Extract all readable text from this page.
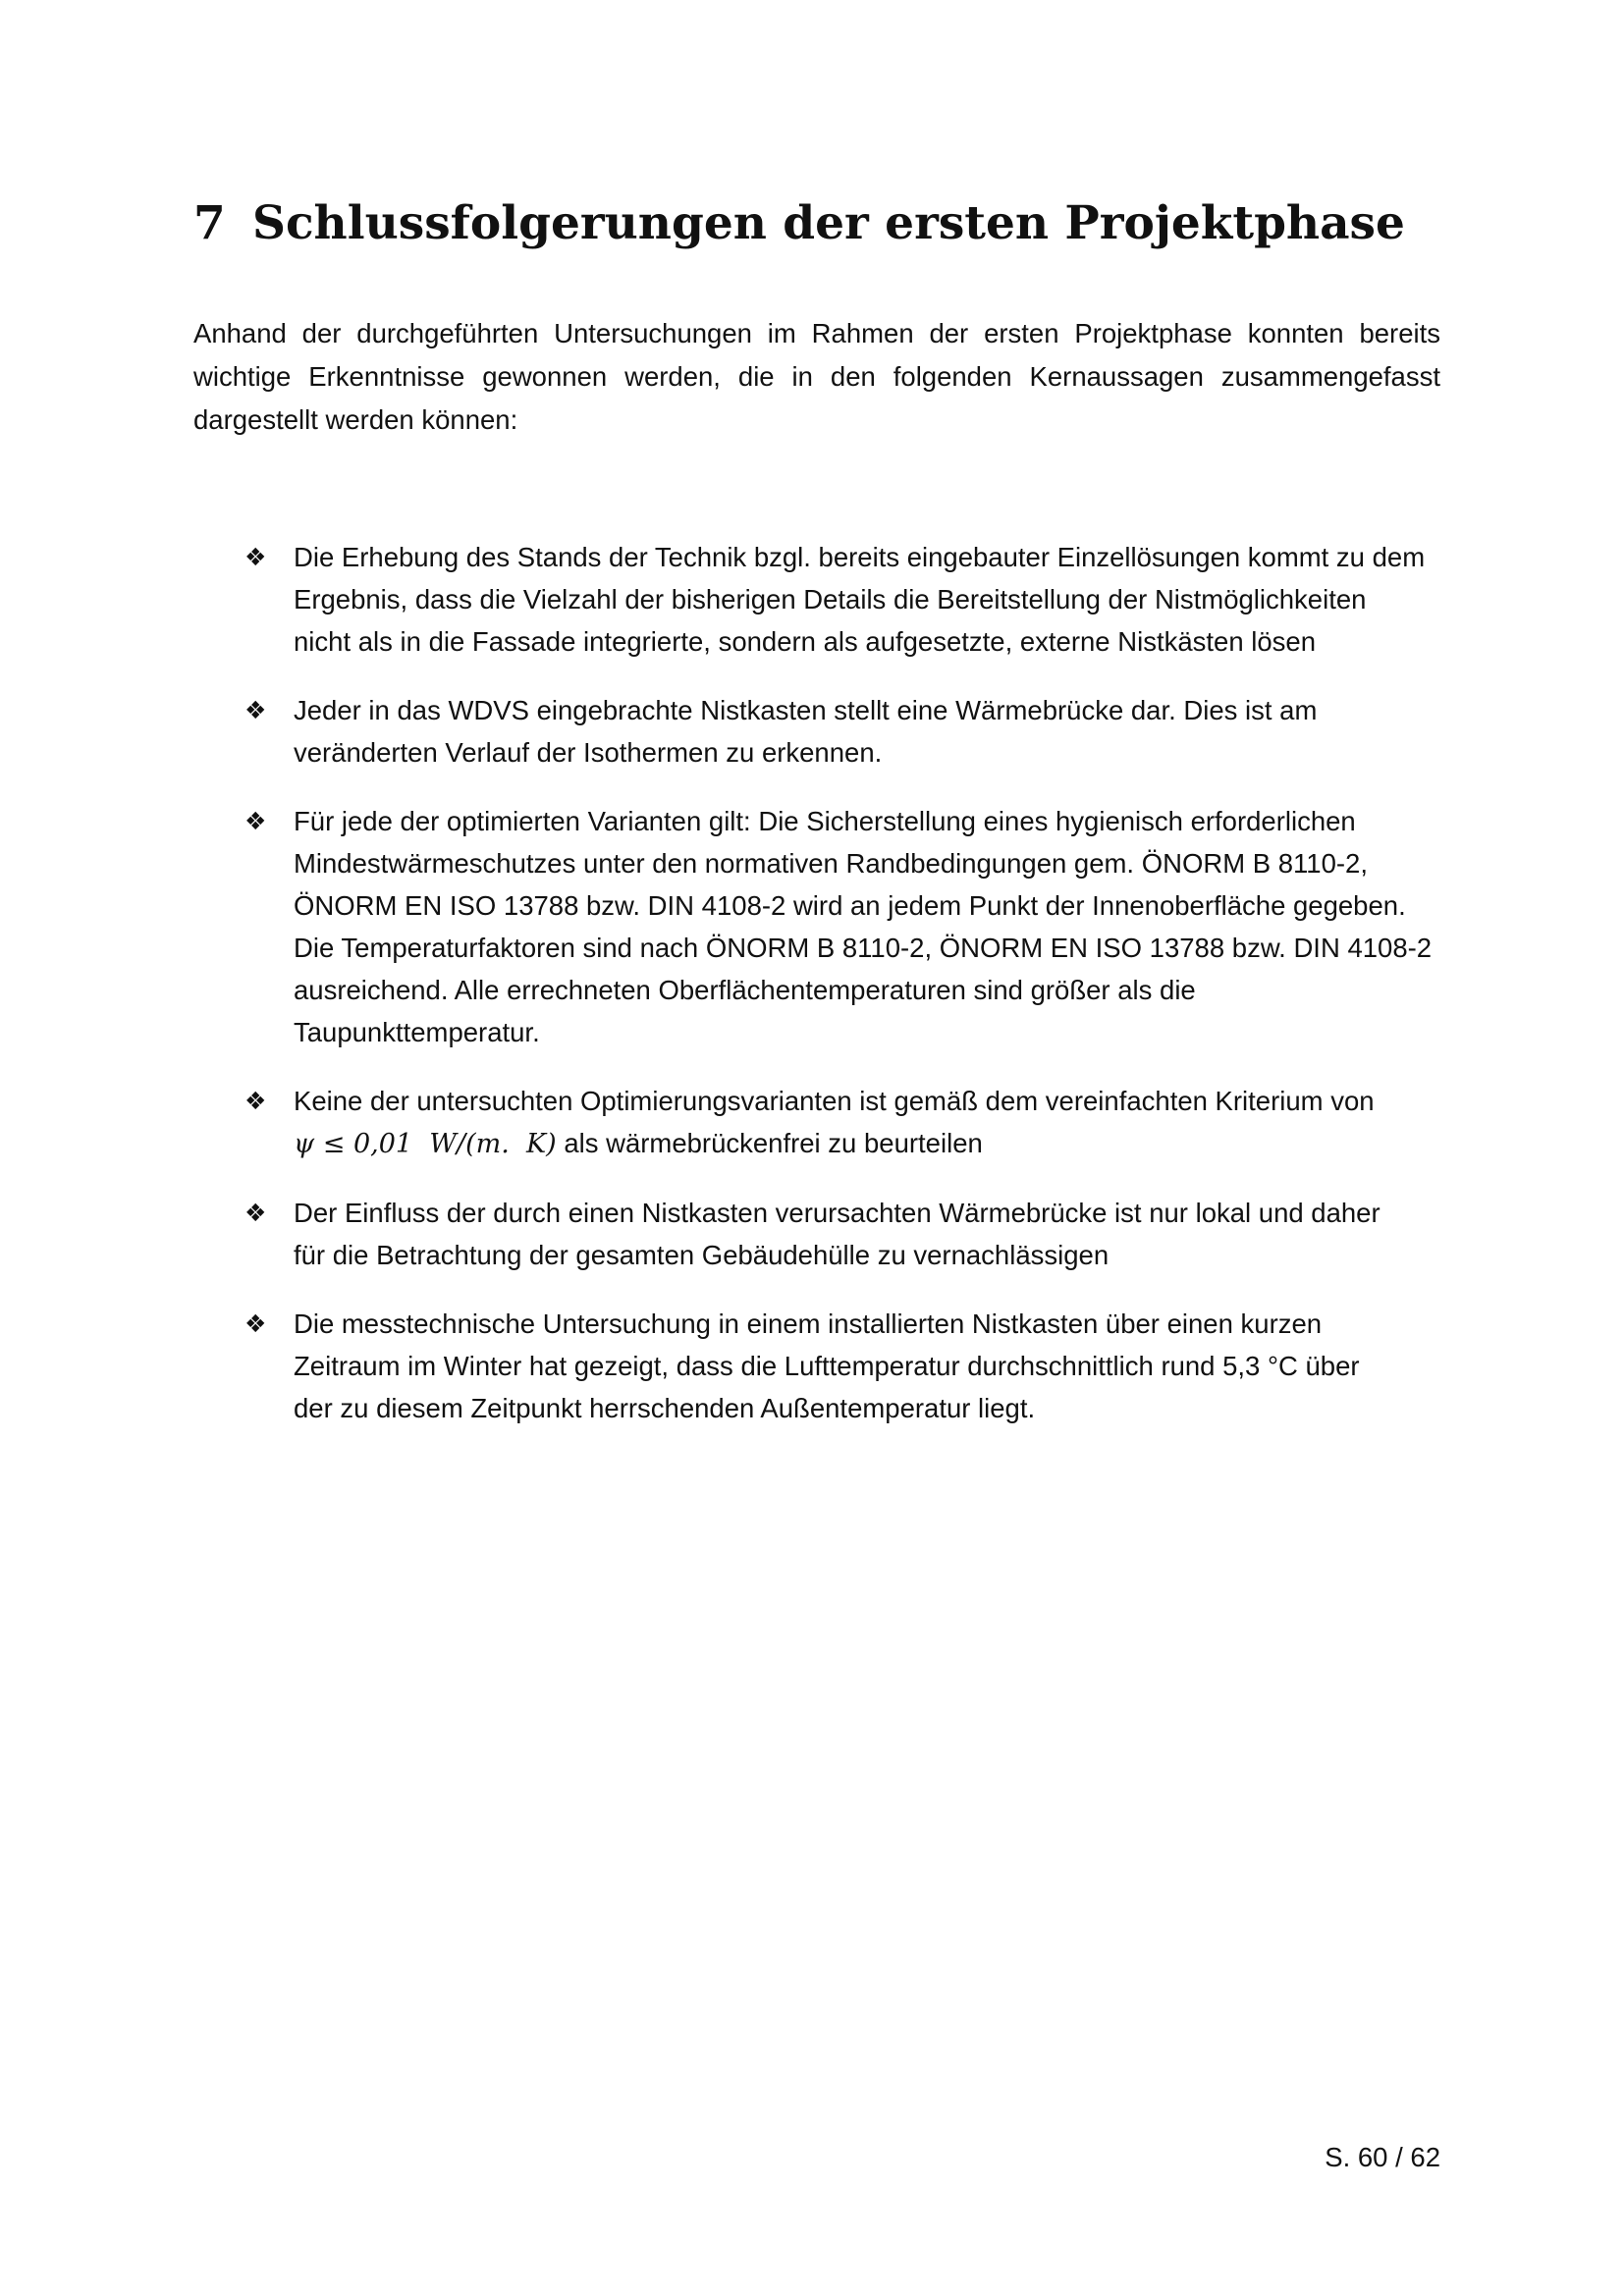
7 Schlussfolgerungen der ersten Projektphase

Anhand der durchgeführten Untersuchungen im Rahmen der ersten Projektphase konnten bereits wichtige Erkenntnisse gewonnen werden, die in den folgenden Kernaussagen zusammengefasst dargestellt werden können:

❖ Die Erhebung des Stands der Technik bzgl. bereits eingebauter Einzellösungen kommt zu dem
Ergebnis, dass die Vielzahl der bisherigen Details die Bereitstellung der Nistmöglichkeiten
nicht als in die Fassade integrierte, sondern als aufgesetzte, externe Nistkästen lösen
❖ Jeder in das WDVS eingebrachte Nistkasten stellt eine Wärmebrücke dar. Dies ist am
veränderten Verlauf der Isothermen zu erkennen.
❖ Für jede der optimierten Varianten gilt: Die Sicherstellung eines hygienisch erforderlichen
Mindestwärmeschutzes unter den normativen Randbedingungen gem. ÖNORM B 8110-2,
ÖNORM EN ISO 13788 bzw. DIN 4108-2 wird an jedem Punkt der Innenoberfläche gegeben.
Die Temperaturfaktoren sind nach ÖNORM B 8110-2, ÖNORM EN ISO 13788 bzw. DIN 4108-2
ausreichend. Alle errechneten Oberflächentemperaturen sind größer als die
Taupunkttemperatur.
❖ Keine der untersuchten Optimierungsvarianten ist gemäß dem vereinfachten Kriterium von
ψ ≤ 0,01  W/(m.  K) als wärmebrückenfrei zu beurteilen
❖ Der Einfluss der durch einen Nistkasten verursachten Wärmebrücke ist nur lokal und daher
für die Betrachtung der gesamten Gebäudehülle zu vernachlässigen
❖ Die messtechnische Untersuchung in einem installierten Nistkasten über einen kurzen
Zeitraum im Winter hat gezeigt, dass die Lufttemperatur durchschnittlich rund 5,3 °C über
der zu diesem Zeitpunkt herrschenden Außentemperatur liegt.
S. 60 / 62
